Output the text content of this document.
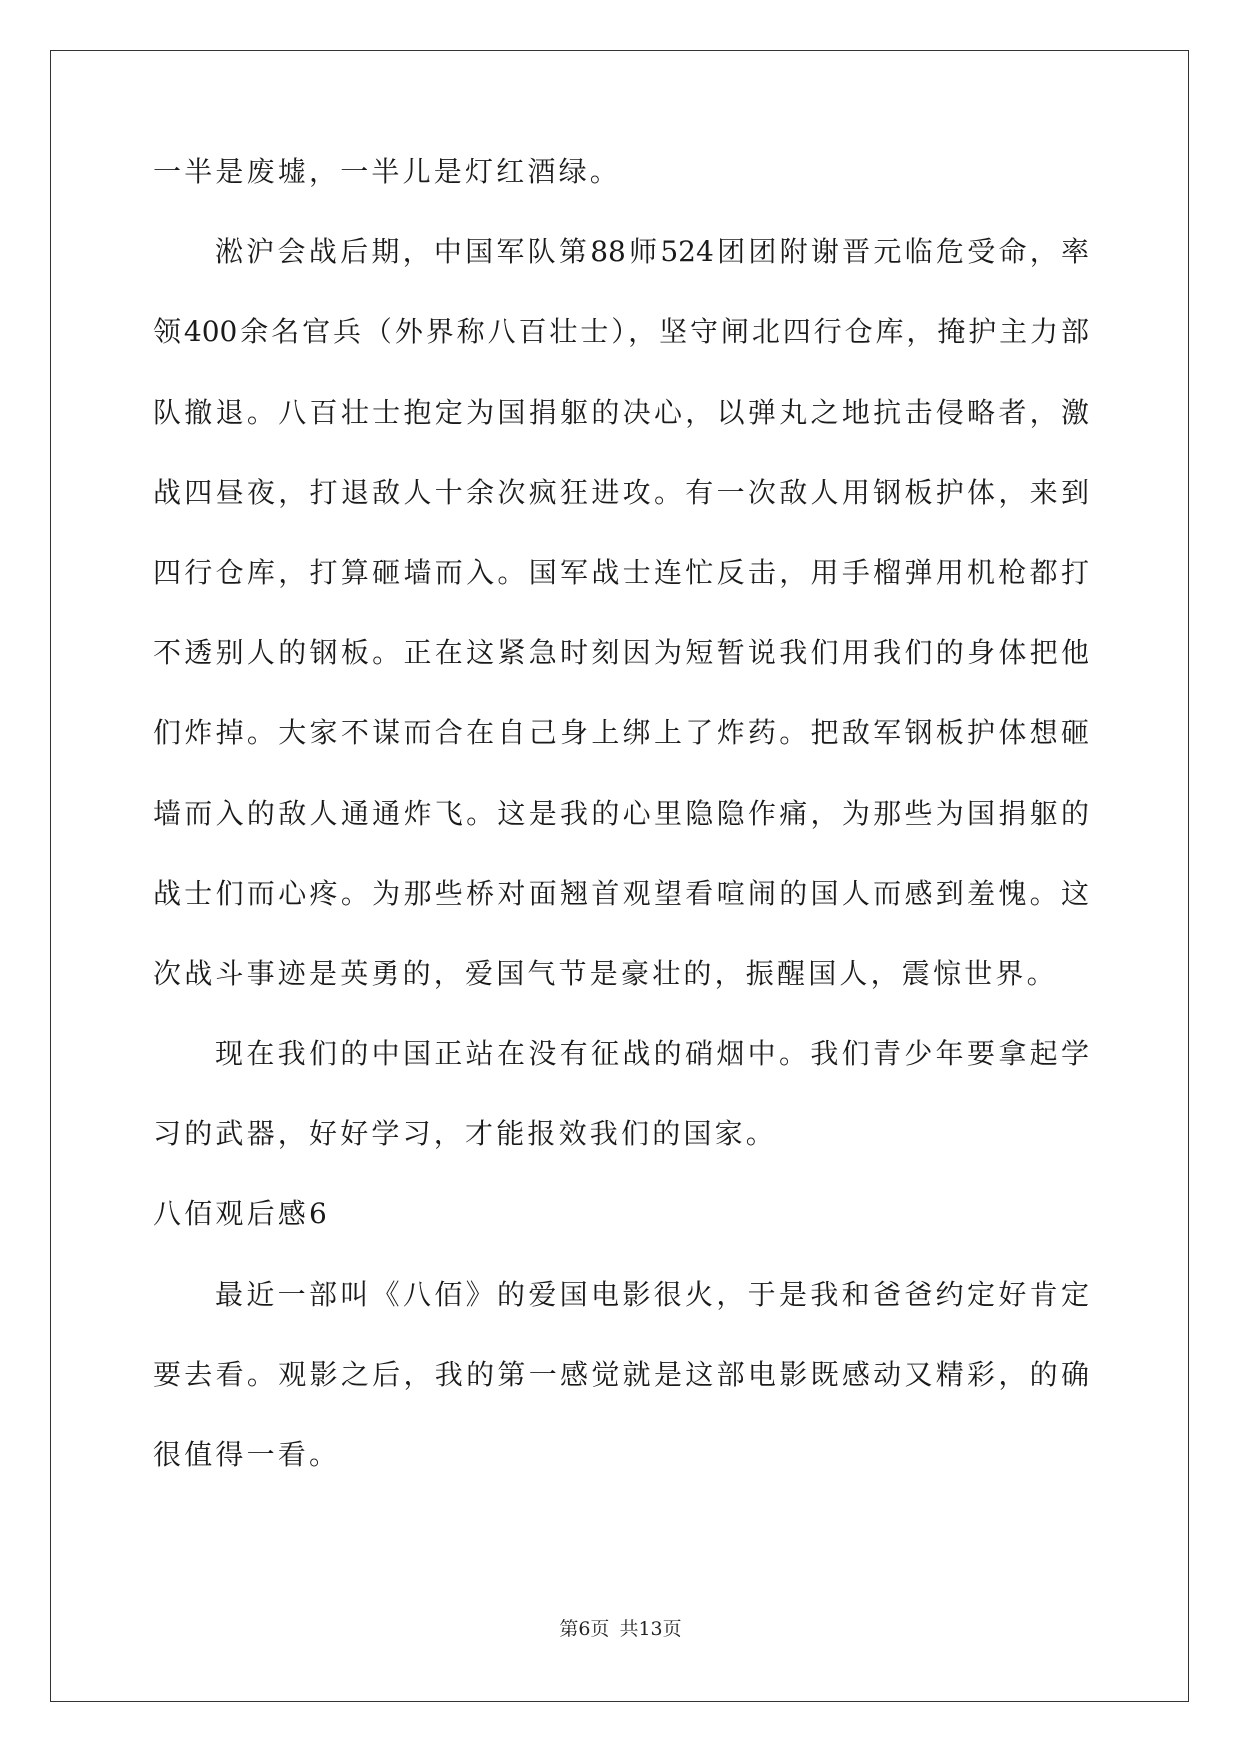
一半是废墟，一半儿是灯红酒绿。
淞沪会战后期，中国军队第88师524团团附谢晋元临危受命，率
领400余名官兵（外界称八百壮士），坚守闸北四行仓库，掩护主力部
队撤退。八百壮士抱定为国捐躯的决心，以弹丸之地抗击侵略者，激
战四昼夜，打退敌人十余次疯狂进攻。有一次敌人用钢板护体，来到
四行仓库，打算砸墙而入。国军战士连忙反击，用手榴弹用机枪都打
不透别人的钢板。正在这紧急时刻因为短暂说我们用我们的身体把他
们炸掉。大家不谋而合在自己身上绑上了炸药。把敌军钢板护体想砸
墙而入的敌人通通炸飞。这是我的心里隐隐作痛，为那些为国捐躯的
战士们而心疼。为那些桥对面翘首观望看喧闹的国人而感到羞愧。这
次战斗事迹是英勇的，爱国气节是豪壮的，振醒国人，震惊世界。
现在我们的中国正站在没有征战的硝烟中。我们青少年要拿起学
习的武器，好好学习，才能报效我们的国家。
八佰观后感6
最近一部叫《八佰》的爱国电影很火，于是我和爸爸约定好肯定
要去看。观影之后，我的第一感觉就是这部电影既感动又精彩，的确
很值得一看。
第6页 共13页
